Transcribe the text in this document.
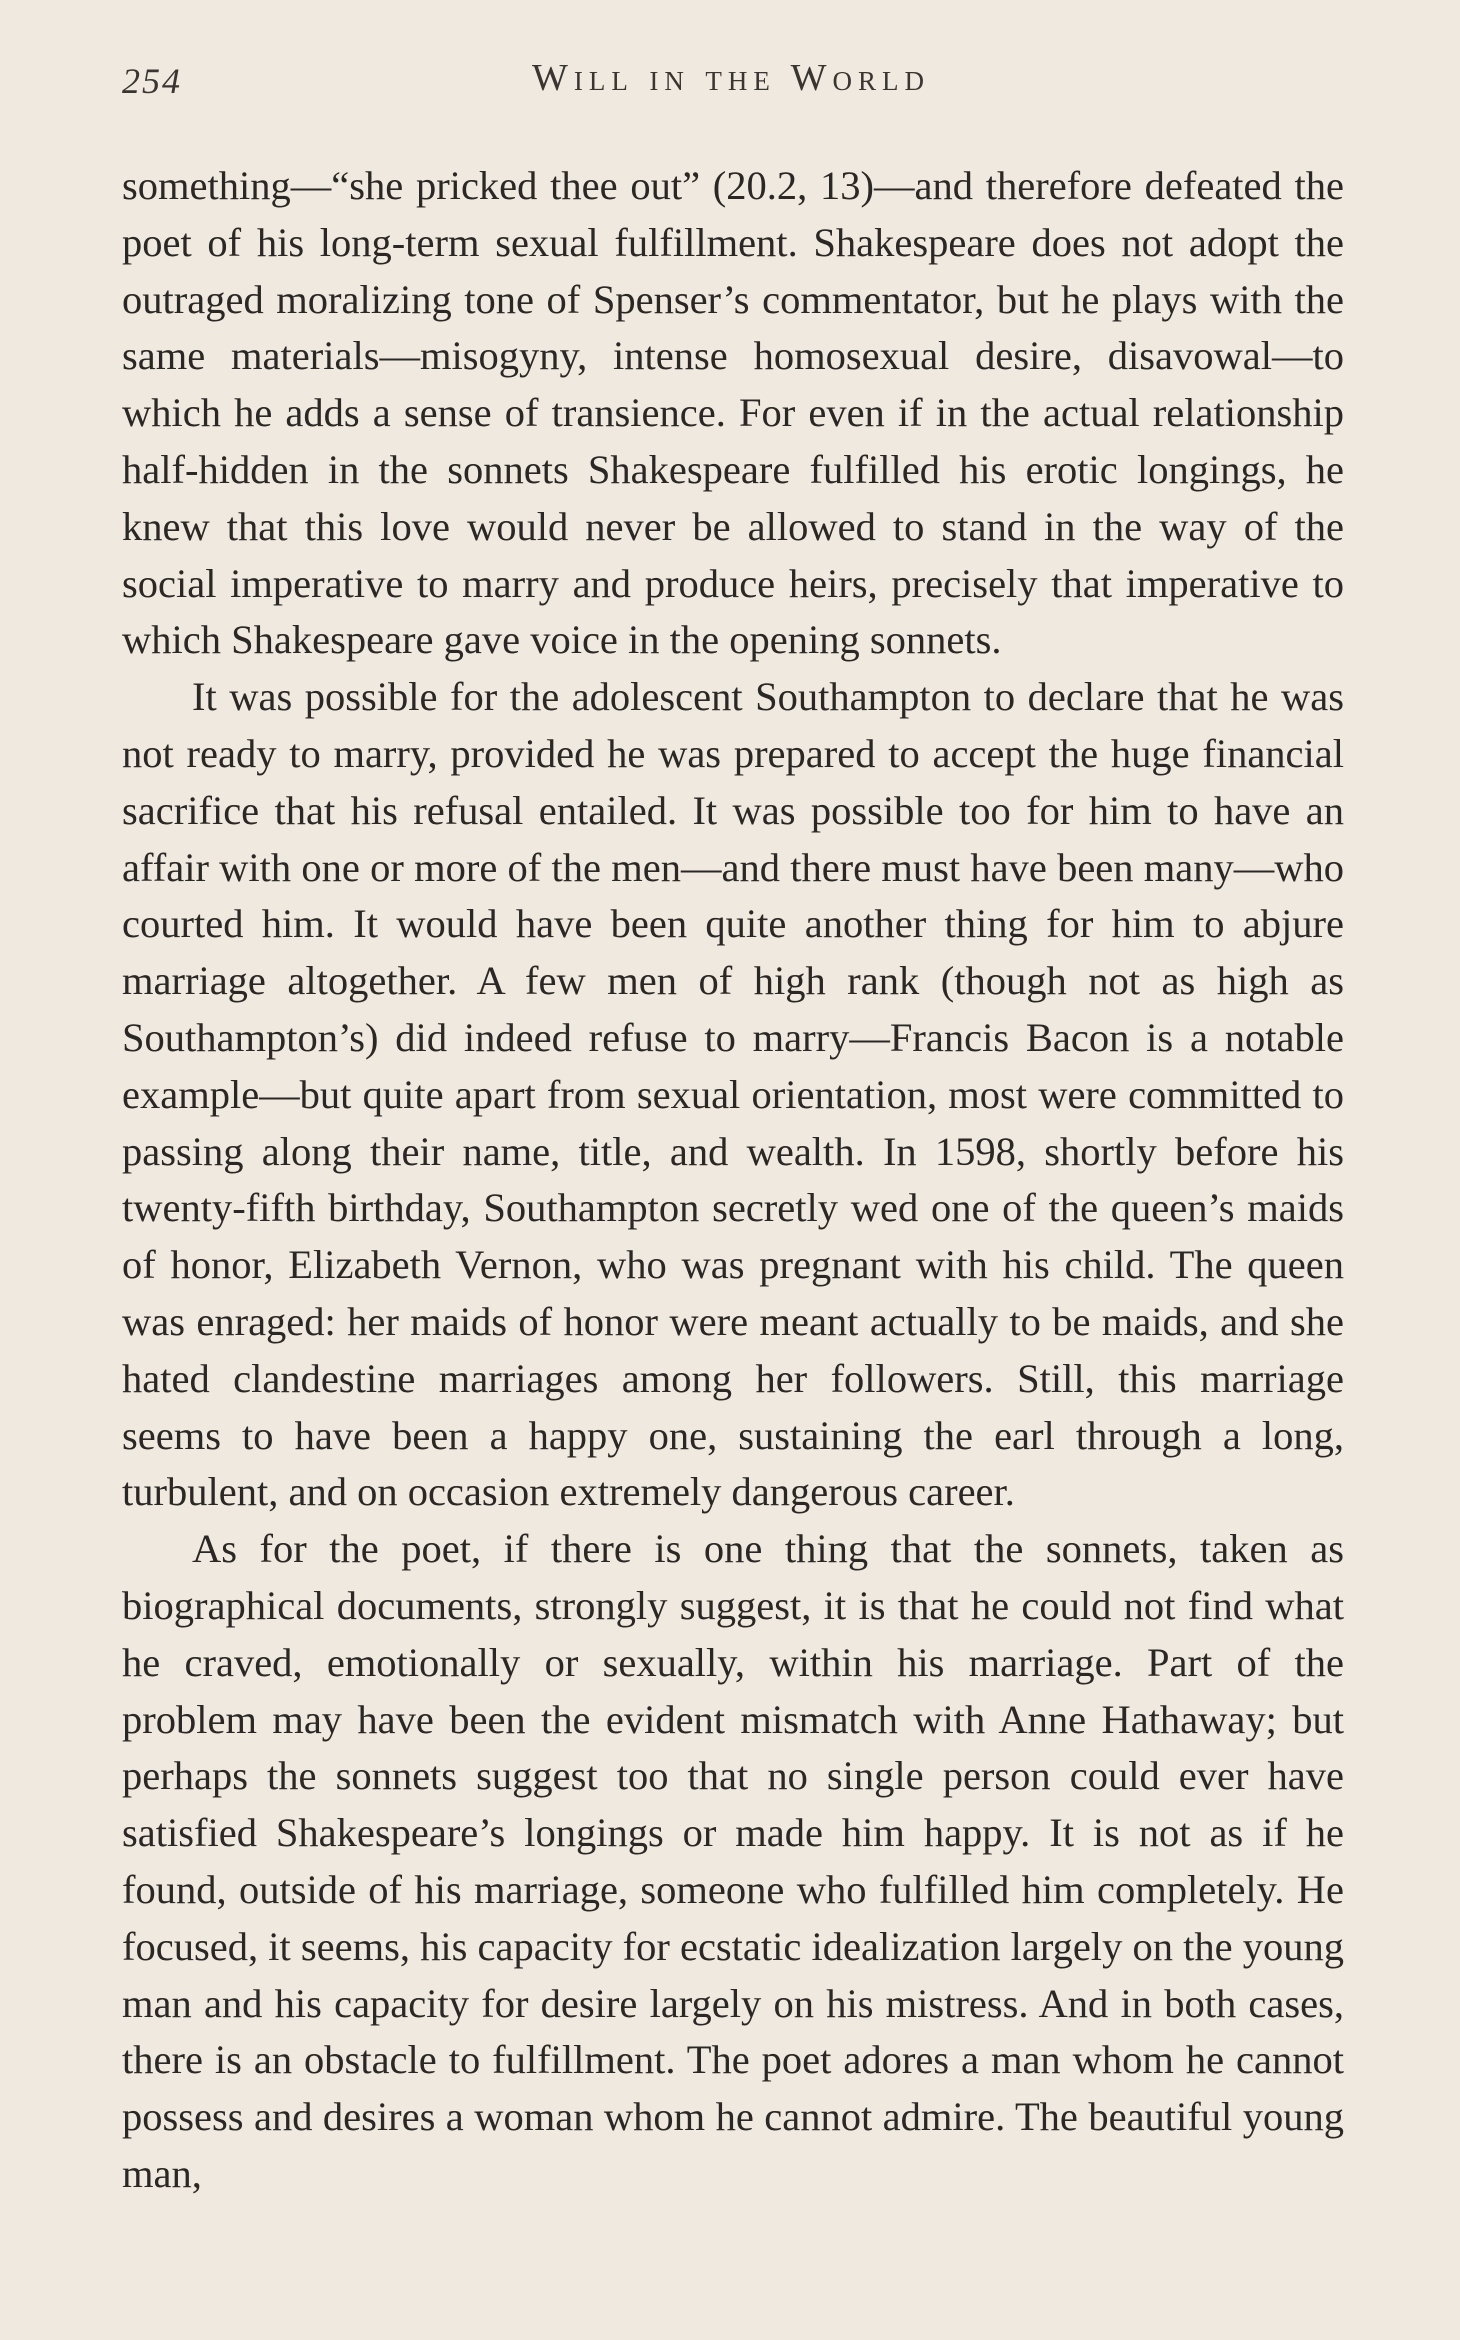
254	Will in the World

something—“she pricked thee out” (20.2, 13)—and therefore defeated the poet of his long-term sexual fulfillment. Shakespeare does not adopt the outraged moralizing tone of Spenser’s commentator, but he plays with the same materials—misogyny, intense homosexual desire, disavowal—to which he adds a sense of transience. For even if in the actual relationship half-hidden in the sonnets Shakespeare fulfilled his erotic longings, he knew that this love would never be allowed to stand in the way of the social imperative to marry and produce heirs, precisely that imperative to which Shakespeare gave voice in the opening sonnets.

It was possible for the adolescent Southampton to declare that he was not ready to marry, provided he was prepared to accept the huge financial sacrifice that his refusal entailed. It was possible too for him to have an affair with one or more of the men—and there must have been many—who courted him. It would have been quite another thing for him to abjure marriage altogether. A few men of high rank (though not as high as Southampton’s) did indeed refuse to marry—Francis Bacon is a notable example—but quite apart from sexual orientation, most were committed to passing along their name, title, and wealth. In 1598, shortly before his twenty-fifth birthday, Southampton secretly wed one of the queen’s maids of honor, Elizabeth Vernon, who was pregnant with his child. The queen was enraged: her maids of honor were meant actually to be maids, and she hated clandestine marriages among her followers. Still, this marriage seems to have been a happy one, sustaining the earl through a long, turbulent, and on occasion extremely dangerous career.

As for the poet, if there is one thing that the sonnets, taken as biographical documents, strongly suggest, it is that he could not find what he craved, emotionally or sexually, within his marriage. Part of the problem may have been the evident mismatch with Anne Hathaway; but perhaps the sonnets suggest too that no single person could ever have satisfied Shakespeare’s longings or made him happy. It is not as if he found, outside of his marriage, someone who fulfilled him completely. He focused, it seems, his capacity for ecstatic idealization largely on the young man and his capacity for desire largely on his mistress. And in both cases, there is an obstacle to fulfillment. The poet adores a man whom he cannot possess and desires a woman whom he cannot admire. The beautiful young man,
